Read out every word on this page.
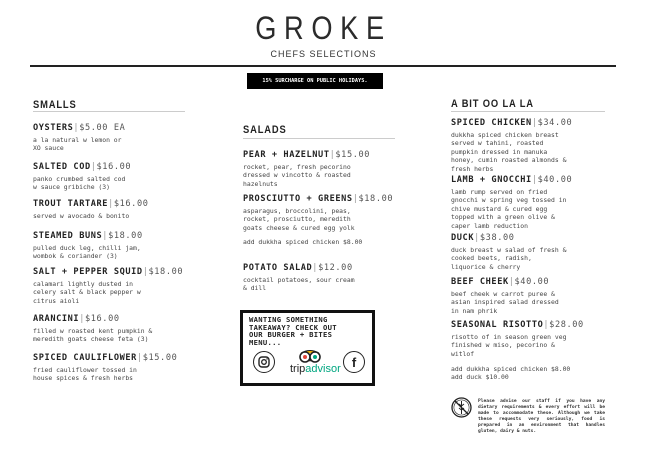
GROKE
CHEFS SELECTIONS
15% SURCHARGE ON PUBLIC HOLIDAYS.
SMALLS
OYSTERS|$5.00 EA
a la natural w lemon or
XO sauce
SALTED COD|$16.00
panko crumbed salted cod
w sauce gribiche (3)
TROUT TARTARE|$16.00
served w avocado & bonito
STEAMED BUNS|$18.00
pulled duck leg, chilli jam,
wombok & coriander (3)
SALT + PEPPER SQUID|$18.00
calamari lightly dusted in
celery salt & black pepper w
citrus aioli
ARANCINI|$16.00
filled w roasted kent pumpkin &
meredith goats cheese feta (3)
SPICED CAULIFLOWER|$15.00
fried cauliflower tossed in
house spices & fresh herbs
SALADS
PEAR + HAZELNUT|$15.00
rocket, pear, fresh pecorino
dressed w vincotto & roasted
hazelnuts
PROSCIUTTO + GREENS|$18.00
asparagus, broccolini, peas,
rocket, prosciutto, meredith
goats cheese & cured egg yolk
POTATO SALAD|$12.00
cocktail potatoes, sour cream
& dill
add dukkha spiced chicken $8.00
A BIT OO LA LA
SPICED CHICKEN|$34.00
dukkha spiced chicken breast
served w tahini, roasted
pumpkin dressed in manuka
honey, cumin roasted almonds &
fresh herbs
LAMB + GNOCCHI|$40.00
lamb rump served on fried
gnocchi w spring veg tossed in
chive mustard & cured egg
topped with a green olive &
caper lamb reduction
DUCK|$38.00
duck breast w salad of fresh &
cooked beets, radish,
liquorice & cherry
BEEF CHEEK|$40.00
beef cheek w carrot puree &
asian inspired salad dressed
in nam phrik
SEASONAL RISOTTO|$28.00
risotto of in season green veg
finished w miso, pecorino &
witlof
add dukkha spiced chicken $8.00
add duck $10.00
WANTING SOMETHING
TAKEAWAY? CHECK OUT
OUR BURGER + BITES
MENU...
tripadvisor f
Please advise our staff if you have any dietary requirements & every effort will be made to accommodate these. Although we take these requests very seriously, food is prepared in an environment that handles gluten, dairy & nuts.
